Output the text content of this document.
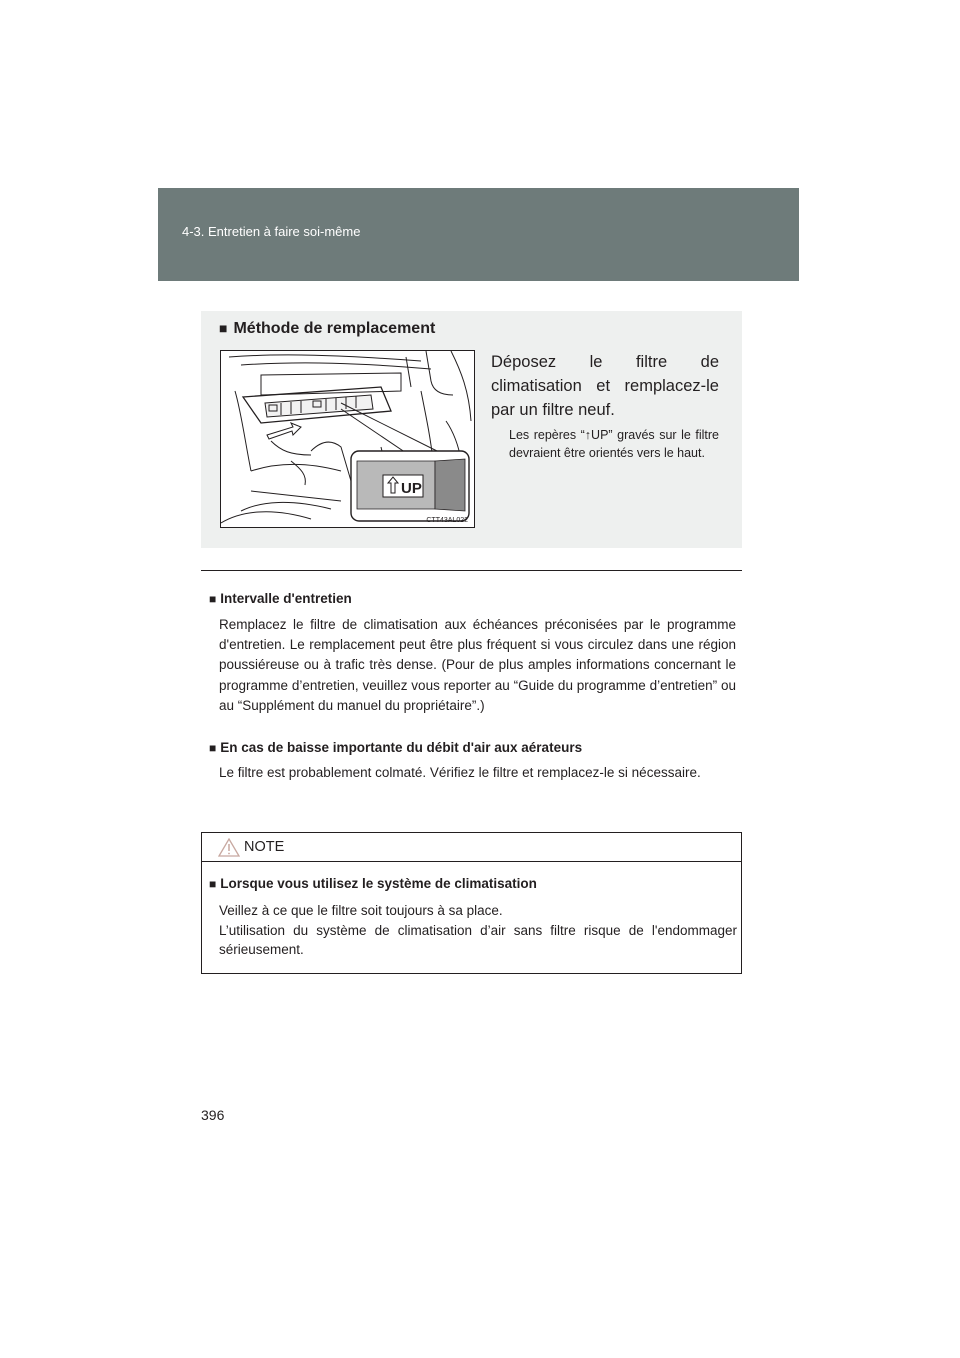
4-3. Entretien à faire soi-même
■ Méthode de remplacement
UP
CTT43AL022

Déposez le filtre de climatisation et remplacez-le par un filtre neuf.

Les repères “↑UP” gravés sur le filtre devraient être orientés vers le haut.
■ Intervalle d'entretien
Remplacez le filtre de climatisation aux échéances préconisées par le programme d'entretien. Le remplacement peut être plus fréquent si vous circulez dans une région poussiéreuse ou à trafic très dense. (Pour de plus amples informations concernant le programme d’entretien, veuillez vous reporter au “Guide du programme d’entretien” ou au “Supplément du manuel du propriétaire”.)
■ En cas de baisse importante du débit d'air aux aérateurs
Le filtre est probablement colmaté. Vérifiez le filtre et remplacez-le si nécessaire.
NOTE
■ Lorsque vous utilisez le système de climatisation

Veillez à ce que le filtre soit toujours à sa place.

L’utilisation du système de climatisation d’air sans filtre risque de l'endommager sérieusement.

396
